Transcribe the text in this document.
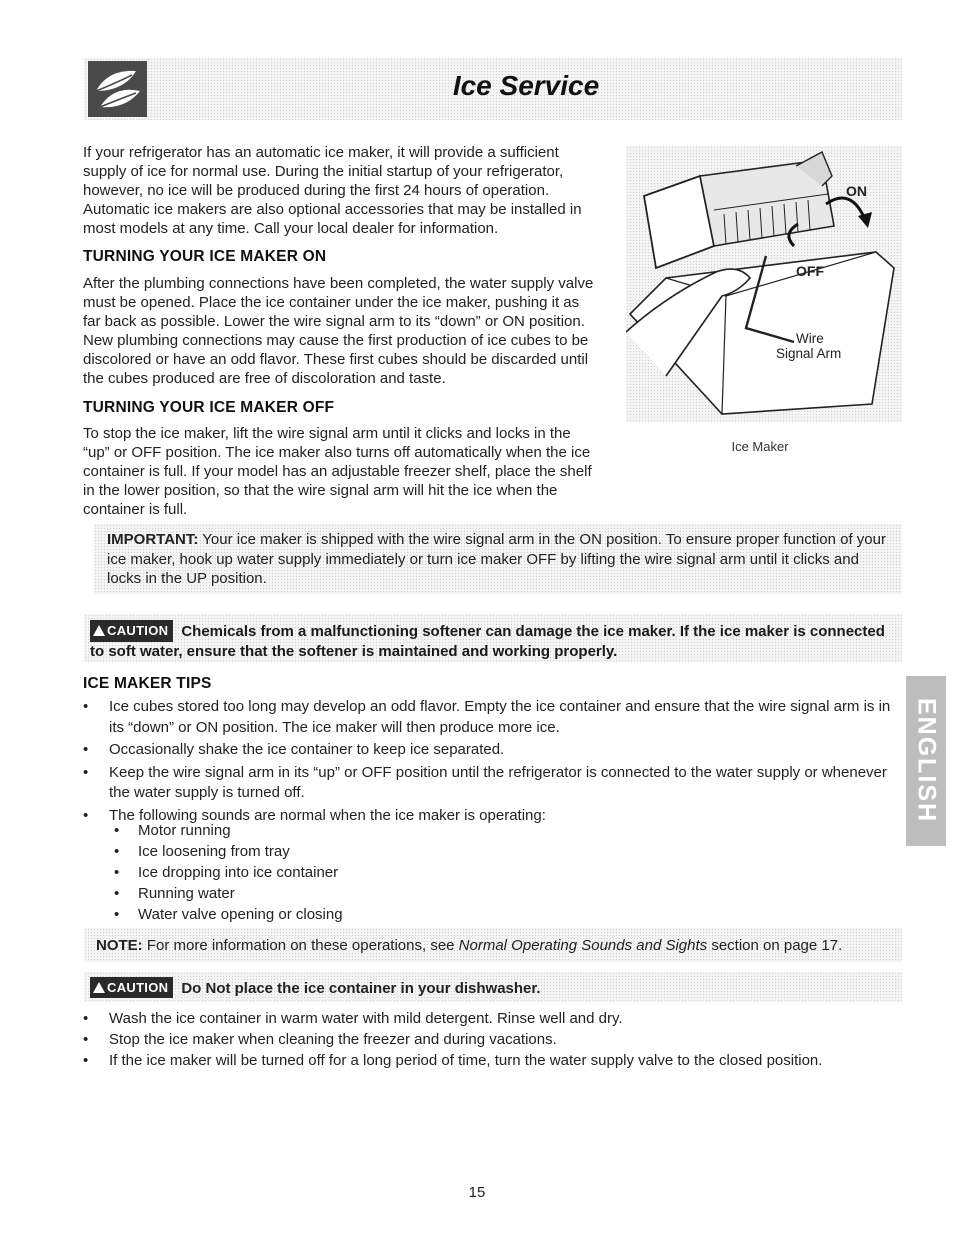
Ice Service

If your refrigerator has an automatic ice maker, it will provide a sufficient supply of ice for normal use. During the initial startup of your refrigerator, however, no ice will be produced during the first 24 hours of operation. Automatic ice makers are also optional accessories that may be installed in most models at any time. Call your local dealer for information.

TURNING YOUR ICE MAKER ON

After the plumbing connections have been completed, the water supply valve must be opened. Place the ice container under the ice maker, pushing it as far back as possible. Lower the wire signal arm to its “down” or ON position. New plumbing connections may cause the first production of ice cubes to be discolored or have an odd flavor. These first cubes should be discarded until the cubes produced are free of discoloration and taste.

TURNING YOUR ICE MAKER OFF

To stop the ice maker, lift the wire signal arm until it clicks and locks in the “up” or OFF position. The ice maker also turns off automatically when the ice container is full. If your model has an adjustable freezer shelf, place the shelf in the lower position, so that the wire signal arm will hit the ice when the container is full.

ON
OFF
Wire
Signal Arm
Ice Maker

IMPORTANT: Your ice maker is shipped with the wire signal arm in the ON position. To ensure proper function of your ice maker, hook up water supply immediately or turn ice maker OFF by lifting the wire signal arm until it clicks and locks in the UP position.

CAUTION Chemicals from a malfunctioning softener can damage the ice maker. If the ice maker is connected to soft water, ensure that the softener is maintained and working properly.

ICE MAKER TIPS
• Ice cubes stored too long may develop an odd flavor. Empty the ice container and ensure that the wire signal arm is in its “down” or ON position. The ice maker will then produce more ice.
• Occasionally shake the ice container to keep ice separated.
• Keep the wire signal arm in its “up” or OFF position until the refrigerator is connected to the water supply or whenever the water supply is turned off.
• The following sounds are normal when the ice maker is operating:
• Motor running
• Ice loosening from tray
• Ice dropping into ice container
• Running water
• Water valve opening or closing

NOTE: For more information on these operations, see Normal Operating Sounds and Sights section on page 17.

CAUTION Do Not place the ice container in your dishwasher.

• Wash the ice container in warm water with mild detergent. Rinse well and dry.
• Stop the ice maker when cleaning the freezer and during vacations.
• If the ice maker will be turned off for a long period of time, turn the water supply valve to the closed position.
ENGLISH
15
